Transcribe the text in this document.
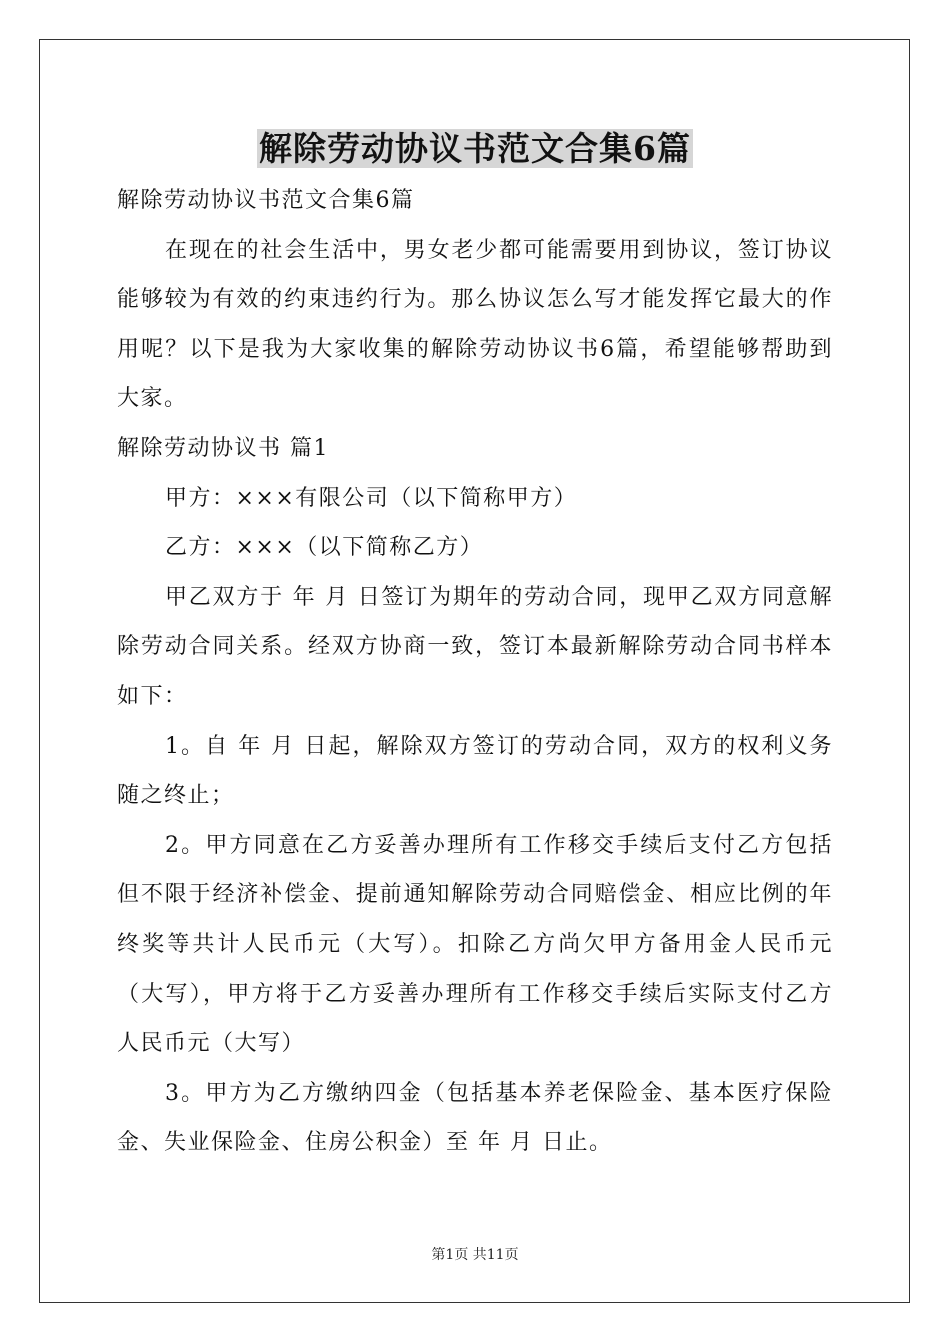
解除劳动协议书范文合集6篇

解除劳动协议书范文合集6篇

在现在的社会生活中，男女老少都可能需要用到协议，签订协议能够较为有效的约束违约行为。那么协议怎么写才能发挥它最大的作用呢？以下是我为大家收集的解除劳动协议书6篇，希望能够帮助到大家。

解除劳动协议书 篇1

甲方：×××有限公司（以下简称甲方）

乙方：×××（以下简称乙方）

甲乙双方于 年 月 日签订为期年的劳动合同，现甲乙双方同意解除劳动合同关系。经双方协商一致，签订本最新解除劳动合同书样本如下：

1。自 年 月 日起，解除双方签订的劳动合同，双方的权利义务随之终止；

2。甲方同意在乙方妥善办理所有工作移交手续后支付乙方包括但不限于经济补偿金、提前通知解除劳动合同赔偿金、相应比例的年终奖等共计人民币元（大写）。扣除乙方尚欠甲方备用金人民币元（大写），甲方将于乙方妥善办理所有工作移交手续后实际支付乙方人民币元（大写）

3。甲方为乙方缴纳四金（包括基本养老保险金、基本医疗保险金、失业保险金、住房公积金）至 年 月 日止。

第1页 共11页
